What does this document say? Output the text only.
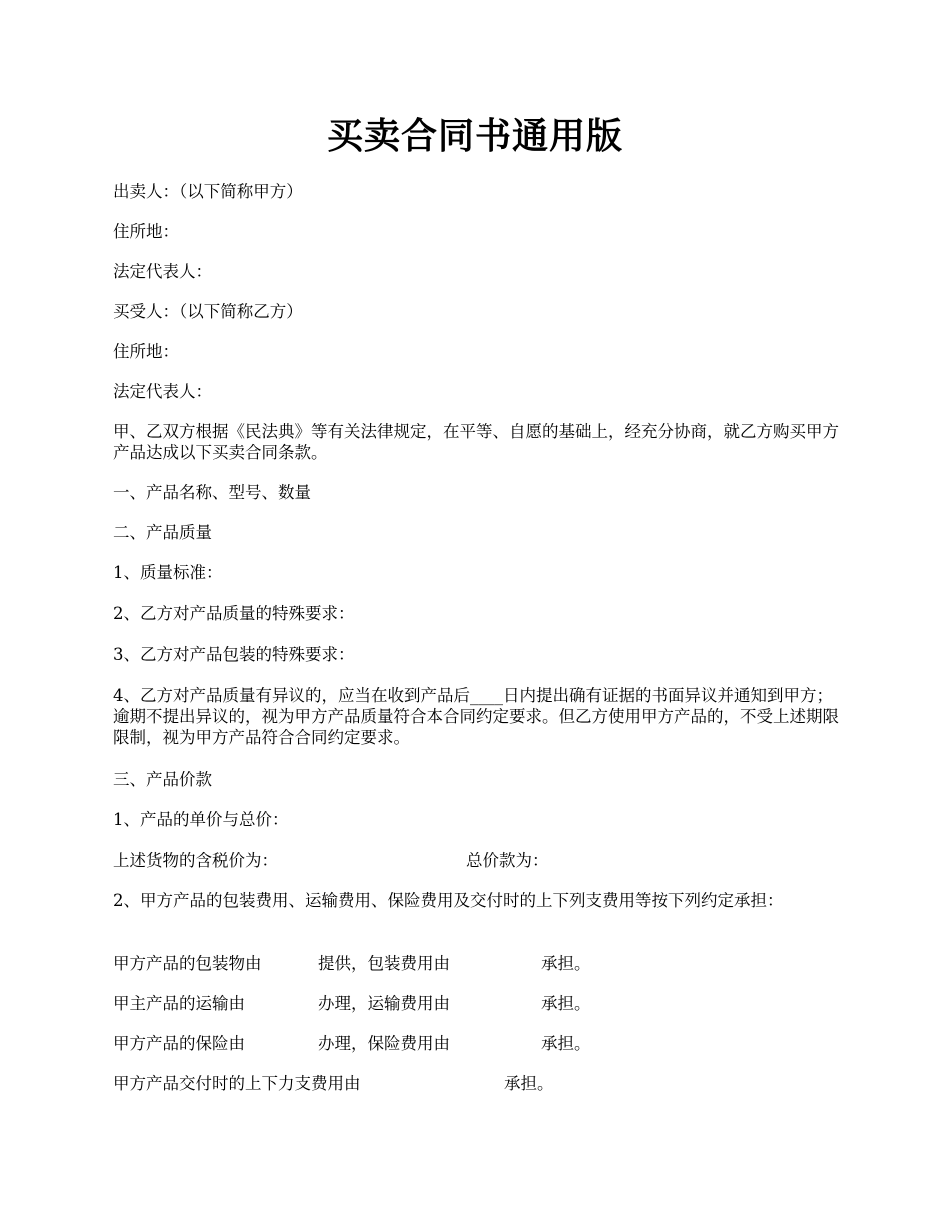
买卖合同书通用版
出卖人：（以下简称甲方）
住所地：
法定代表人：
买受人：（以下简称乙方）
住所地：
法定代表人：
甲、乙双方根据《民法典》等有关法律规定，在平等、自愿的基础上，经充分协商，就乙方购买甲方产品达成以下买卖合同条款。
一、产品名称、型号、数量
二、产品质量
1、质量标准：
2、乙方对产品质量的特殊要求：
3、乙方对产品包装的特殊要求：
4、乙方对产品质量有异议的，应当在收到产品后____日内提出确有证据的书面异议并通知到甲方；逾期不提出异议的，视为甲方产品质量符合本合同约定要求。但乙方使用甲方产品的，不受上述期限限制，视为甲方产品符合合同约定要求。
三、产品价款
1、产品的单价与总价：
上述货物的含税价为：	总价款为：
2、甲方产品的包装费用、运输费用、保险费用及交付时的上下列支费用等按下列约定承担：
甲方产品的包装物由	提供，包装费用由	承担。
甲主产品的运输由	办理，运输费用由	承担。
甲方产品的保险由	办理，保险费用由	承担。
甲方产品交付时的上下力支费用由	承担。
